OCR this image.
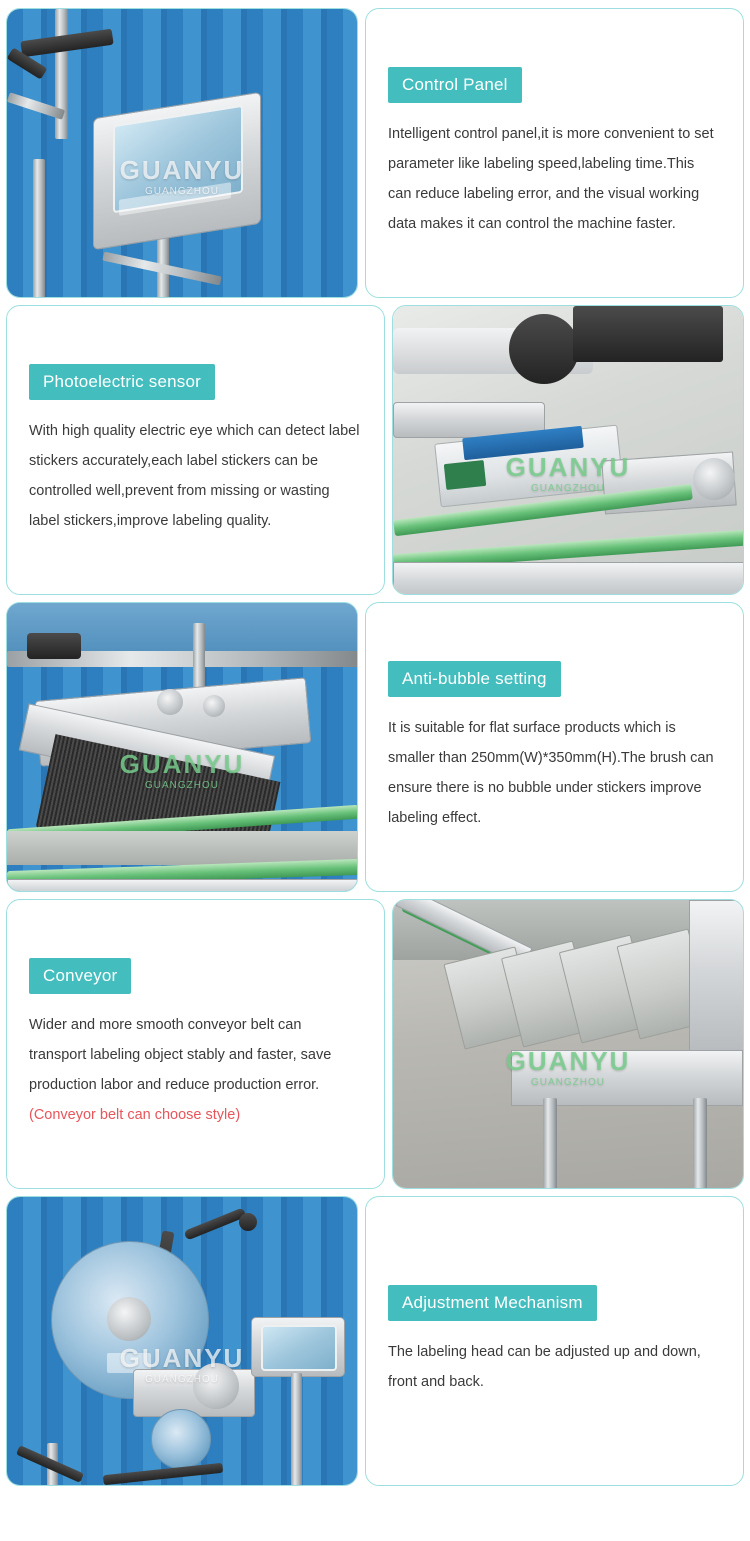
GUANYU
GUANGZHOU
Control Panel

Intelligent control panel,it is more convenient to set parameter like labeling speed,labeling time.This can reduce labeling error, and the visual working data makes it can control the machine faster.

Photoelectric sensor

With high quality electric eye which can detect label stickers accurately,each label stickers can be controlled well,prevent from missing or wasting label stickers,improve labeling quality.

GUANYU
GUANGZHOU
GUANYU
GUANGZHOU
Anti-bubble setting

It is suitable for flat surface products which is smaller than 250mm(W)*350mm(H).The brush can ensure there is no bubble under stickers improve labeling effect.

Conveyor

Wider and more smooth conveyor belt can transport labeling object stably and faster, save production labor and reduce production error. (Conveyor belt can choose style)

GUANYU
GUANGZHOU
GUANYU
GUANGZHOU
Adjustment Mechanism

The labeling head can be adjusted up and down, front and back.
